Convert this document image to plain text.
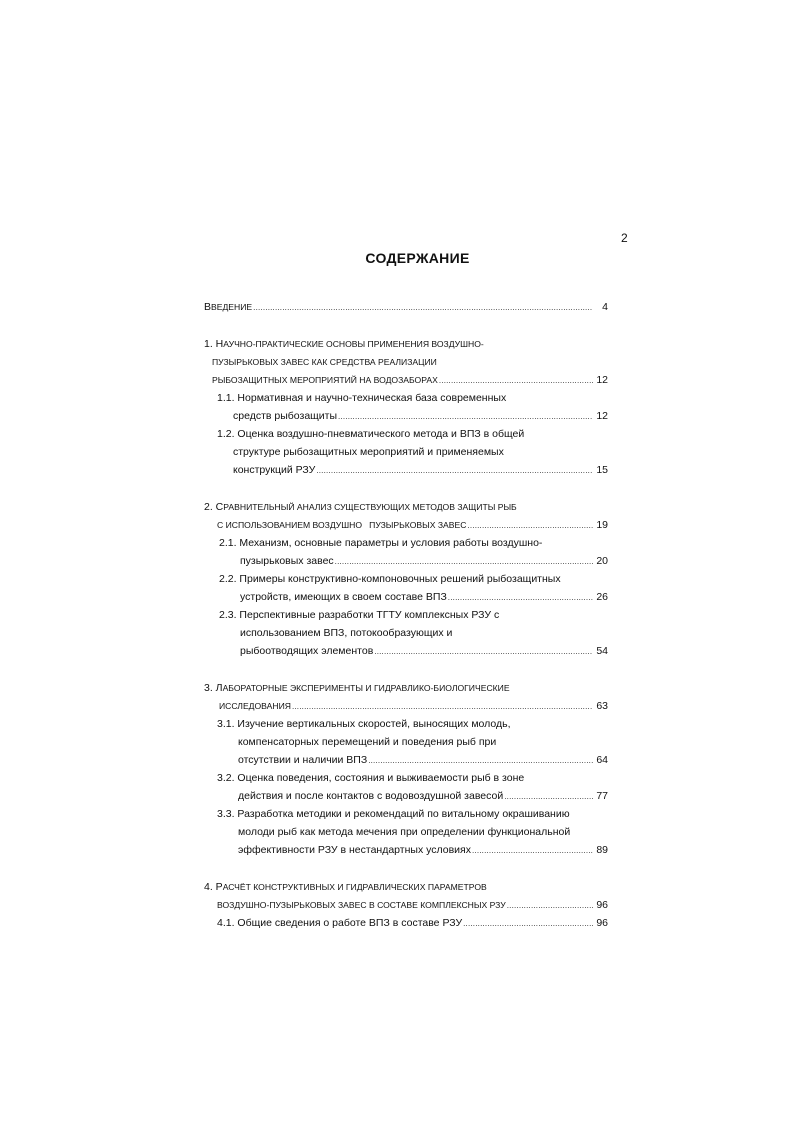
2
СОДЕРЖАНИЕ
ВВЕДЕНИЕ .....	4
1. НАУЧНО-ПРАКТИЧЕСКИЕ ОСНОВЫ ПРИМЕНЕНИЯ ВОЗДУШНО-
ПУЗЫРЬКОВЫХ ЗАВЕС КАК СРЕДСТВА РЕАЛИЗАЦИИ
РЫБОЗАЩИТНЫХ МЕРОПРИЯТИЙ НА ВОДОЗАБОРАХ .....	12
1.1. Нормативная и научно-техническая база современных
средств рыбозащиты .....	12
1.2. Оценка воздушно-пневматического метода и ВПЗ в общей
структуре рыбозащитных мероприятий и применяемых
конструкций РЗУ .....	15
2. СРАВНИТЕЛЬНЫЙ АНАЛИЗ СУЩЕСТВУЮЩИХ МЕТОДОВ ЗАЩИТЫ РЫБ
С ИСПОЛЬЗОВАНИЕМ ВОЗДУШНО   ПУЗЫРЬКОВЫХ ЗАВЕС .....	19
2.1. Механизм, основные параметры и условия работы воздушно-
пузырьковых завес .....	20
2.2. Примеры конструктивно-компоновочных решений рыбозащитных
устройств, имеющих в своем составе ВПЗ .....	26
2.3. Перспективные разработки ТГТУ комплексных РЗУ с
использованием ВПЗ, потокообразующих и
рыбоотводящих элементов .....	54
3. ЛАБОРАТОРНЫЕ ЭКСПЕРИМЕНТЫ И ГИДРАВЛИКО-БИОЛОГИЧЕСКИЕ
ИССЛЕДОВАНИЯ .....	63
3.1. Изучение вертикальных скоростей, выносящих молодь,
компенсаторных перемещений и поведения рыб при
отсутствии и наличии ВПЗ .....	64
3.2. Оценка поведения, состояния и выживаемости рыб в зоне
действия и после контактов с водовоздушной завесой .....	77
3.3. Разработка методики и рекомендаций по витальному окрашиванию
молоди рыб как метода мечения при определении функциональной
эффективности РЗУ в нестандартных условиях .....	89
4. РАСЧЁТ КОНСТРУКТИВНЫХ И ГИДРАВЛИЧЕСКИХ ПАРАМЕТРОВ
ВОЗДУШНО-ПУЗЫРЬКОВЫХ ЗАВЕС В СОСТАВЕ КОМПЛЕКСНЫХ РЗУ .....	96
4.1. Общие сведения о работе ВПЗ в составе РЗУ .....	96
